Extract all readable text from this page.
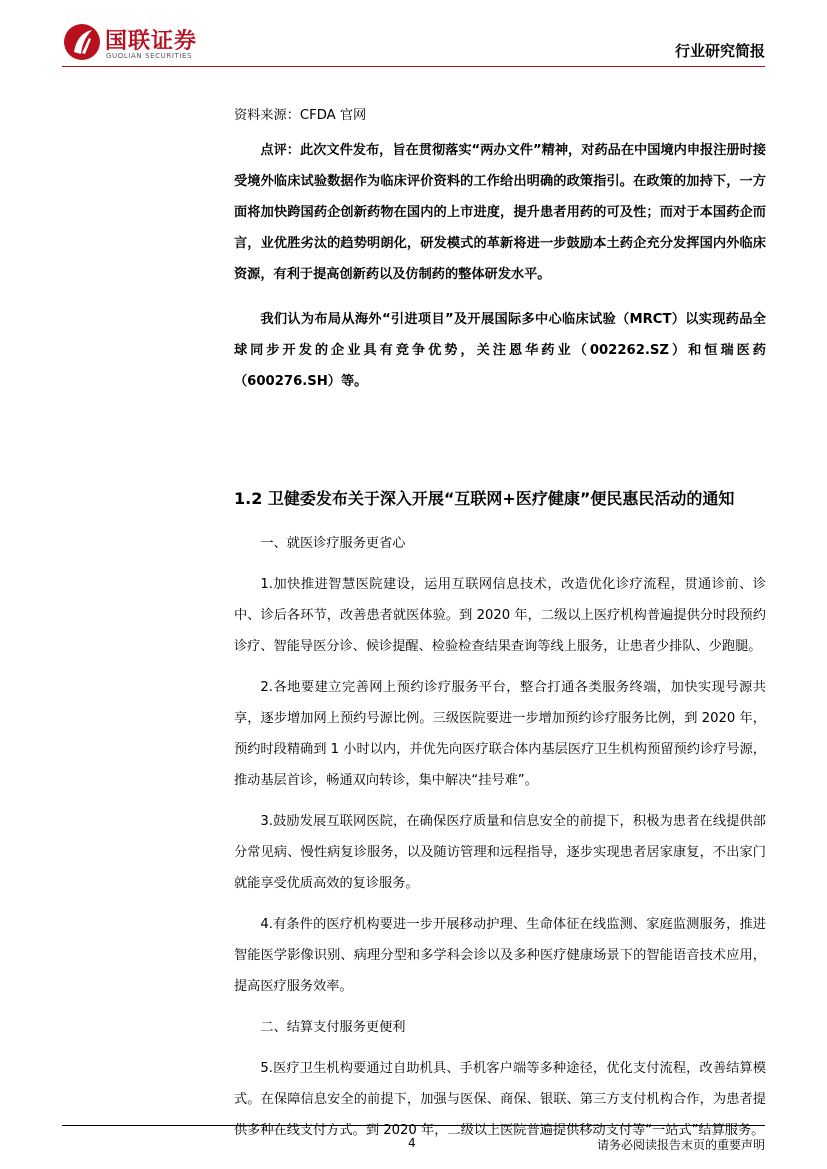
国联证券
GUOLIAN SECURITIES	行业研究简报

资料来源：CFDA 官网

点评：此次文件发布，旨在贯彻落实“两办文件”精神，对药品在中国境内申报注册时接受境外临床试验数据作为临床评价资料的工作给出明确的政策指引。在政策的加持下，一方面将加快跨国药企创新药物在国内的上市进度，提升患者用药的可及性；而对于本国药企而言，业优胜劣汰的趋势明朗化，研发模式的革新将进一步鼓励本土药企充分发挥国内外临床资源，有利于提高创新药以及仿制药的整体研发水平。

我们认为布局从海外“引进项目”及开展国际多中心临床试验（MRCT）以实现药品全球同步开发的企业具有竞争优势，关注恩华药业（002262.SZ）和恒瑞医药（600276.SH）等。

1.2 卫健委发布关于深入开展“互联网+医疗健康”便民惠民活动的通知

一、就医诊疗服务更省心

1.加快推进智慧医院建设，运用互联网信息技术，改造优化诊疗流程，贯通诊前、诊中、诊后各环节，改善患者就医体验。到 2020 年，二级以上医疗机构普遍提供分时段预约诊疗、智能导医分诊、候诊提醒、检验检查结果查询等线上服务，让患者少排队、少跑腿。

2.各地要建立完善网上预约诊疗服务平台，整合打通各类服务终端，加快实现号源共享，逐步增加网上预约号源比例。三级医院要进一步增加预约诊疗服务比例，到 2020 年，预约时段精确到 1 小时以内，并优先向医疗联合体内基层医疗卫生机构预留预约诊疗号源，推动基层首诊，畅通双向转诊，集中解决“挂号难”。

3.鼓励发展互联网医院，在确保医疗质量和信息安全的前提下，积极为患者在线提供部分常见病、慢性病复诊服务，以及随访管理和远程指导，逐步实现患者居家康复，不出家门就能享受优质高效的复诊服务。

4.有条件的医疗机构要进一步开展移动护理、生命体征在线监测、家庭监测服务，推进智能医学影像识别、病理分型和多学科会诊以及多种医疗健康场景下的智能语音技术应用，提高医疗服务效率。

二、结算支付服务更便利

5.医疗卫生机构要通过自助机具、手机客户端等多种途径，优化支付流程，改善结算模式。在保障信息安全的前提下，加强与医保、商保、银联、第三方支付机构合作，为患者提供多种在线支付方式。到 2020 年，二级以上医院普遍提供移动支付等“一站式”结算服务。

4	请务必阅读报告末页的重要声明
